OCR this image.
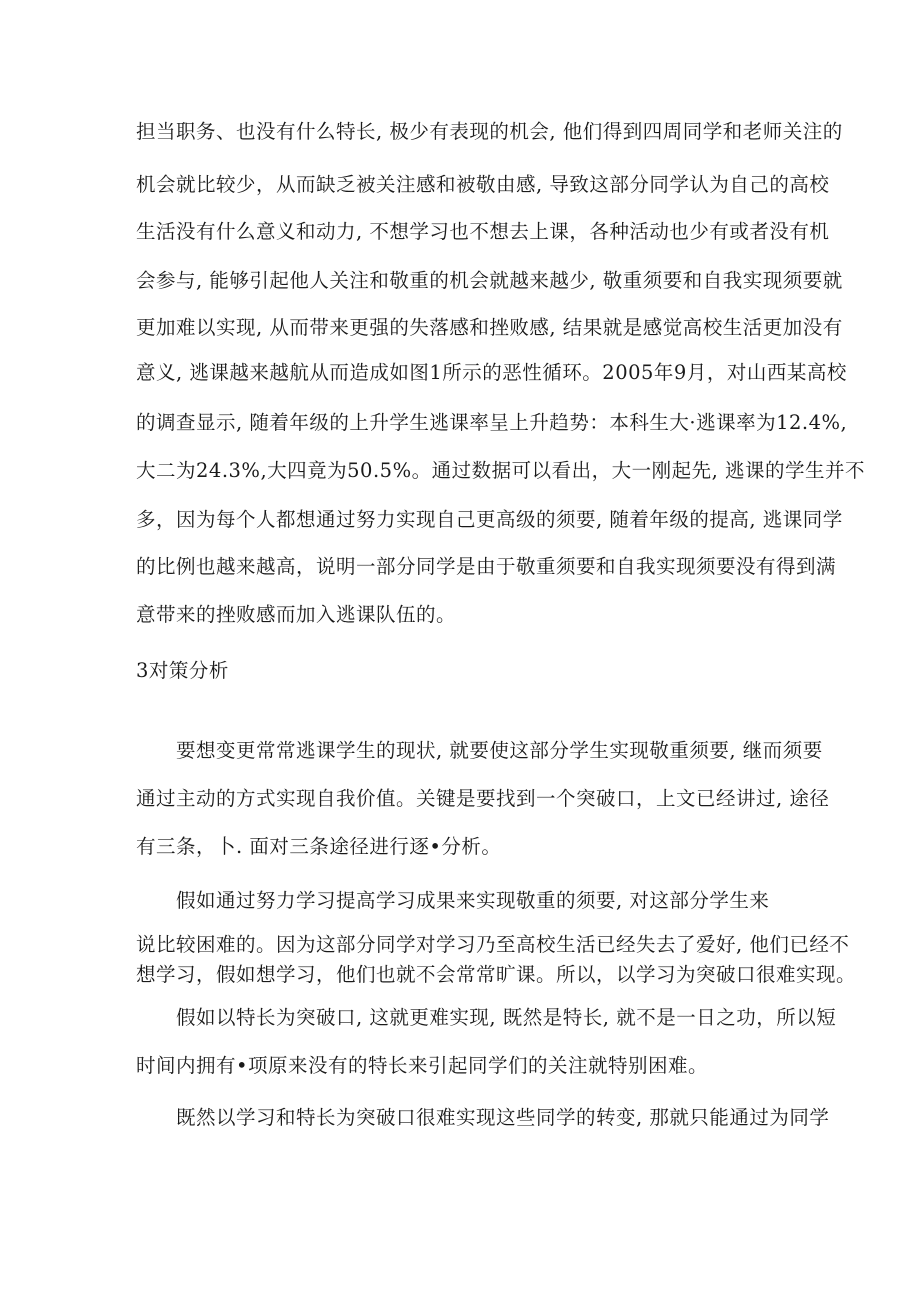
担当职务、也没有什么特长, 极少有表现的机会, 他们得到四周同学和老师关注的
机会就比较少，从而缺乏被关注感和被敬由感, 导致这部分同学认为自己的高校
生活没有什么意义和动力, 不想学习也不想去上课，各种活动也少有或者没有机
会参与, 能够引起他人关注和敬重的机会就越来越少, 敬重须要和自我实现须要就
更加难以实现, 从而带来更强的失落感和挫败感, 结果就是感觉高校生活更加没有
意义, 逃课越来越航从而造成如图1所示的恶性循环。2005年9月，对山西某高校
的调查显示, 随着年级的上升学生逃课率呈上升趋势：本科生大·逃课率为12.4%,
大二为24.3%,大四竟为50.5%。通过数据可以看出，大一刚起先, 逃课的学生并不
多，因为每个人都想通过努力实现自己更高级的须要, 随着年级的提高, 逃课同学
的比例也越来越高，说明一部分同学是由于敬重须要和自我实现须要没有得到满
意带来的挫败感而加入逃课队伍的。
3对策分析
要想变更常常逃课学生的现状, 就要使这部分学生实现敬重须要, 继而须要
通过主动的方式实现自我价值。关键是要找到一个突破口，上文已经讲过, 途径
有三条，卜. 面对三条途径进行逐•分析。
假如通过努力学习提高学习成果来实现敬重的须要, 对这部分学生来
说比较困难的。因为这部分同学对学习乃至高校生活已经失去了爱好, 他们已经不
想学习，假如想学习，他们也就不会常常旷课。所以，以学习为突破口很难实现。
假如以特长为突破口, 这就更难实现, 既然是特长, 就不是一日之功，所以短
时间内拥有•项原来没有的特长来引起同学们的关注就特别困难。
既然以学习和特长为突破口很难实现这些同学的转变, 那就只能通过为同学
